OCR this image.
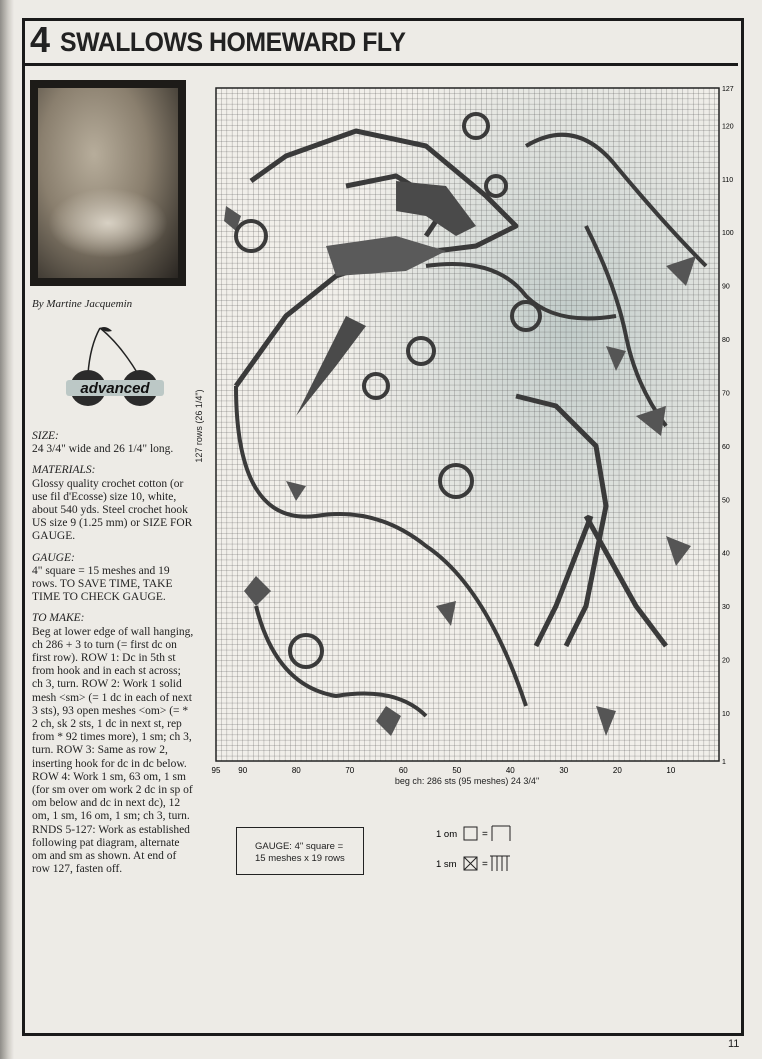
4 SWALLOWS HOMEWARD FLY
By Martine Jacquemin
advanced
SIZE:
24 3/4" wide and 26 1/4" long.
MATERIALS:
Glossy quality crochet cotton (or use fil d'Ecosse) size 10, white, about 540 yds. Steel crochet hook US size 9 (1.25 mm) or SIZE FOR GAUGE.
GAUGE:
4" square = 15 meshes and 19 rows. TO SAVE TIME, TAKE TIME TO CHECK GAUGE.
TO MAKE:
Beg at lower edge of wall hanging, ch 286 + 3 to turn (= first dc on first row). ROW 1: Dc in 5th st from hook and in each st across; ch 3, turn. ROW 2: Work 1 solid mesh <sm> (= 1 dc in each of next 3 sts), 93 open meshes <om> (= * 2 ch, sk 2 sts, 1 dc in next st, rep from * 92 times more), 1 sm; ch 3, turn. ROW 3: Same as row 2, inserting hook for dc in dc below. ROW 4: Work 1 sm, 63 om, 1 sm (for sm over om work 2 dc in sp of om below and dc in next dc), 12 om, 1 sm, 16 om, 1 sm; ch 3, turn. RNDS 5-127: Work as established following pat diagram, alternate om and sm as shown. At end of row 127, fasten off.
95 90	80	70	60	50	40	30	20	10
127
120
110
100
90
80
70
60
50
40
30
20
10
1
127 rows (26 1/4")
beg ch: 286 sts (95 meshes) 24 3/4"
GAUGE: 4" square =
15 meshes x 19 rows
1 om =
1 sm	=
11
